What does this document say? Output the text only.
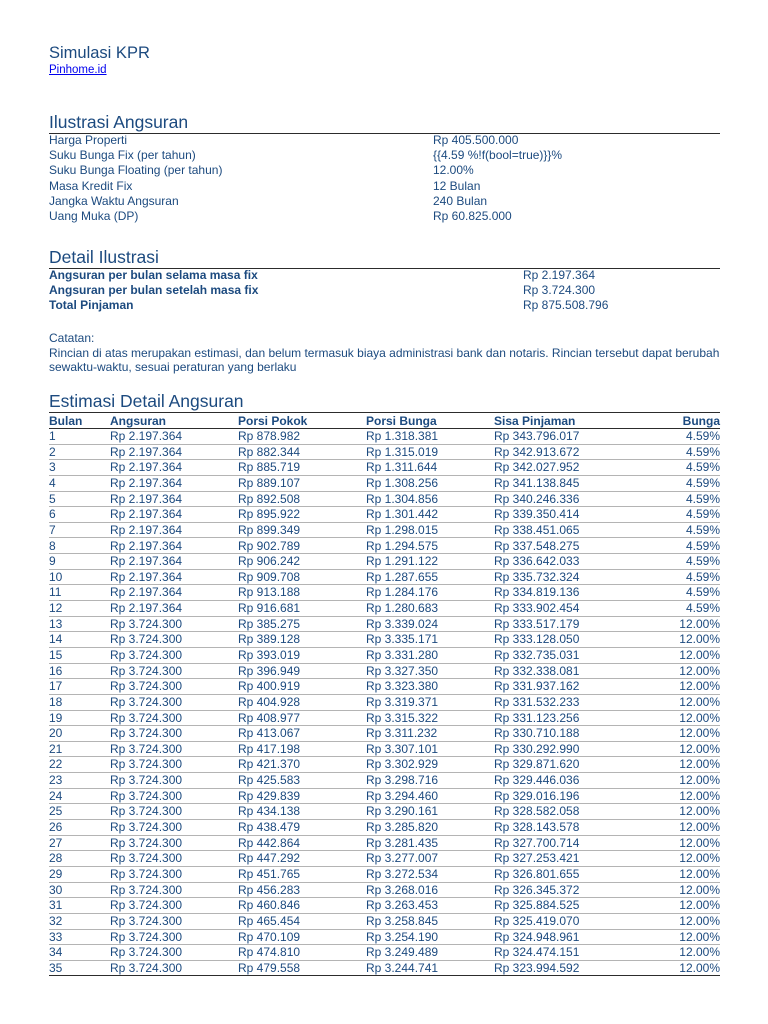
Simulasi KPR
Pinhome.id
Ilustrasi Angsuran
Harga Properti	Rp 405.500.000
Suku Bunga Fix (per tahun)	{{4.59 %!f(bool=true)}}%
Suku Bunga Floating (per tahun)	12.00%
Masa Kredit Fix	12 Bulan
Jangka Waktu Angsuran	240 Bulan
Uang Muka (DP)	Rp 60.825.000
Detail Ilustrasi
Angsuran per bulan selama masa fix	Rp 2.197.364
Angsuran per bulan setelah masa fix	Rp 3.724.300
Total Pinjaman	Rp 875.508.796

Catatan:

Rincian di atas merupakan estimasi, dan belum termasuk biaya administrasi bank dan notaris. Rincian tersebut dapat berubah sewaktu-waktu, sesuai peraturan yang berlaku

Estimasi Detail Angsuran
Bulan	Angsuran	Porsi Pokok	Porsi Bunga	Sisa Pinjaman	Bunga
1	Rp 2.197.364	Rp 878.982	Rp 1.318.381	Rp 343.796.017	4.59%
2	Rp 2.197.364	Rp 882.344	Rp 1.315.019	Rp 342.913.672	4.59%
3	Rp 2.197.364	Rp 885.719	Rp 1.311.644	Rp 342.027.952	4.59%
4	Rp 2.197.364	Rp 889.107	Rp 1.308.256	Rp 341.138.845	4.59%
5	Rp 2.197.364	Rp 892.508	Rp 1.304.856	Rp 340.246.336	4.59%
6	Rp 2.197.364	Rp 895.922	Rp 1.301.442	Rp 339.350.414	4.59%
7	Rp 2.197.364	Rp 899.349	Rp 1.298.015	Rp 338.451.065	4.59%
8	Rp 2.197.364	Rp 902.789	Rp 1.294.575	Rp 337.548.275	4.59%
9	Rp 2.197.364	Rp 906.242	Rp 1.291.122	Rp 336.642.033	4.59%
10	Rp 2.197.364	Rp 909.708	Rp 1.287.655	Rp 335.732.324	4.59%
11	Rp 2.197.364	Rp 913.188	Rp 1.284.176	Rp 334.819.136	4.59%
12	Rp 2.197.364	Rp 916.681	Rp 1.280.683	Rp 333.902.454	4.59%
13	Rp 3.724.300	Rp 385.275	Rp 3.339.024	Rp 333.517.179	12.00%
14	Rp 3.724.300	Rp 389.128	Rp 3.335.171	Rp 333.128.050	12.00%
15	Rp 3.724.300	Rp 393.019	Rp 3.331.280	Rp 332.735.031	12.00%
16	Rp 3.724.300	Rp 396.949	Rp 3.327.350	Rp 332.338.081	12.00%
17	Rp 3.724.300	Rp 400.919	Rp 3.323.380	Rp 331.937.162	12.00%
18	Rp 3.724.300	Rp 404.928	Rp 3.319.371	Rp 331.532.233	12.00%
19	Rp 3.724.300	Rp 408.977	Rp 3.315.322	Rp 331.123.256	12.00%
20	Rp 3.724.300	Rp 413.067	Rp 3.311.232	Rp 330.710.188	12.00%
21	Rp 3.724.300	Rp 417.198	Rp 3.307.101	Rp 330.292.990	12.00%
22	Rp 3.724.300	Rp 421.370	Rp 3.302.929	Rp 329.871.620	12.00%
23	Rp 3.724.300	Rp 425.583	Rp 3.298.716	Rp 329.446.036	12.00%
24	Rp 3.724.300	Rp 429.839	Rp 3.294.460	Rp 329.016.196	12.00%
25	Rp 3.724.300	Rp 434.138	Rp 3.290.161	Rp 328.582.058	12.00%
26	Rp 3.724.300	Rp 438.479	Rp 3.285.820	Rp 328.143.578	12.00%
27	Rp 3.724.300	Rp 442.864	Rp 3.281.435	Rp 327.700.714	12.00%
28	Rp 3.724.300	Rp 447.292	Rp 3.277.007	Rp 327.253.421	12.00%
29	Rp 3.724.300	Rp 451.765	Rp 3.272.534	Rp 326.801.655	12.00%
30	Rp 3.724.300	Rp 456.283	Rp 3.268.016	Rp 326.345.372	12.00%
31	Rp 3.724.300	Rp 460.846	Rp 3.263.453	Rp 325.884.525	12.00%
32	Rp 3.724.300	Rp 465.454	Rp 3.258.845	Rp 325.419.070	12.00%
33	Rp 3.724.300	Rp 470.109	Rp 3.254.190	Rp 324.948.961	12.00%
34	Rp 3.724.300	Rp 474.810	Rp 3.249.489	Rp 324.474.151	12.00%
35	Rp 3.724.300	Rp 479.558	Rp 3.244.741	Rp 323.994.592	12.00%
